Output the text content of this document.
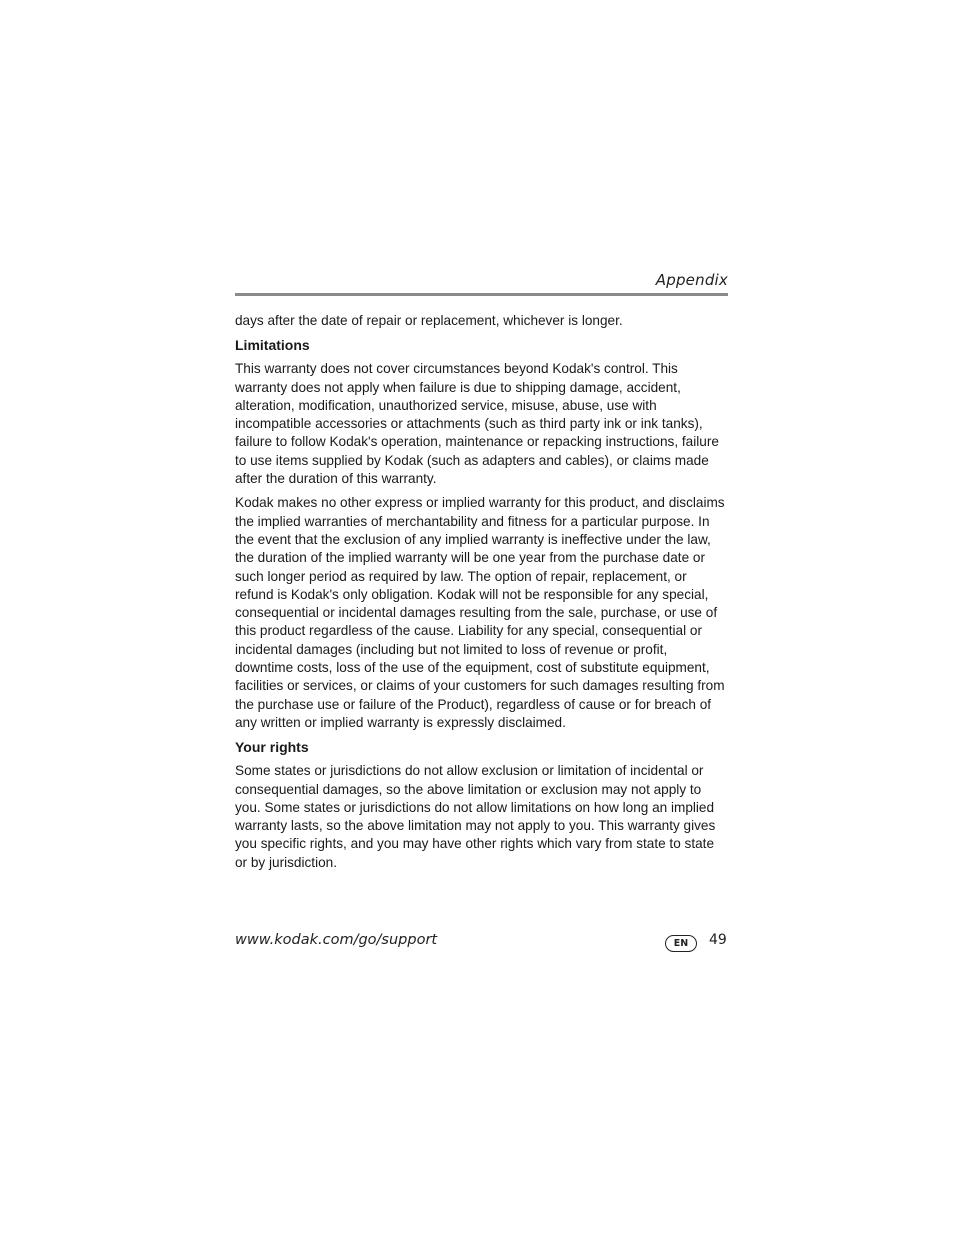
Appendix

days after the date of repair or replacement, whichever is longer.

Limitations

This warranty does not cover circumstances beyond Kodak's control. This warranty does not apply when failure is due to shipping damage, accident, alteration, modification, unauthorized service, misuse, abuse, use with incompatible accessories or attachments (such as third party ink or ink tanks), failure to follow Kodak's operation, maintenance or repacking instructions, failure to use items supplied by Kodak (such as adapters and cables), or claims made after the duration of this warranty.

Kodak makes no other express or implied warranty for this product, and disclaims the implied warranties of merchantability and fitness for a particular purpose. In the event that the exclusion of any implied warranty is ineffective under the law, the duration of the implied warranty will be one year from the purchase date or such longer period as required by law. The option of repair, replacement, or refund is Kodak's only obligation. Kodak will not be responsible for any special, consequential or incidental damages resulting from the sale, purchase, or use of this product regardless of the cause. Liability for any special, consequential or incidental damages (including but not limited to loss of revenue or profit, downtime costs, loss of the use of the equipment, cost of substitute equipment, facilities or services, or claims of your customers for such damages resulting from the purchase use or failure of the Product), regardless of cause or for breach of any written or implied warranty is expressly disclaimed.

Your rights

Some states or jurisdictions do not allow exclusion or limitation of incidental or consequential damages, so the above limitation or exclusion may not apply to you. Some states or jurisdictions do not allow limitations on how long an implied warranty lasts, so the above limitation may not apply to you. This warranty gives you specific rights, and you may have other rights which vary from state to state or by jurisdiction.

www.kodak.com/go/support	EN	49
